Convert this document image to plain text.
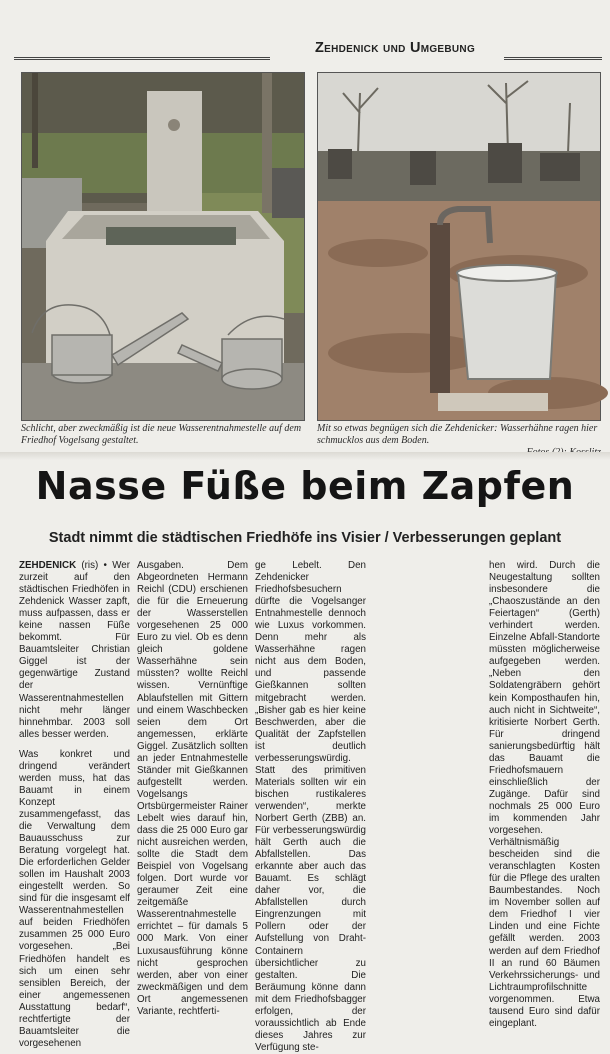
Zehdenick und Umgebung
Schlicht, aber zweckmäßig ist die neue Wasserentnahmestelle auf dem Friedhof Vogelsang gestaltet.
Mit so etwas begnügen sich die Zehdenicker: Wasserhähne ragen hier schmucklos aus dem Boden.
Nasse Füße beim Zapfen
Stadt nimmt die städtischen Friedhöfe ins Visier / Verbesserungen geplant

ZEHDENICK (ris) • Wer zurzeit auf den städtischen Friedhöfen in Zehdenick Wasser zapft, muss aufpassen, dass er keine nassen Füße bekommt. Für Bauamtsleiter Christian Giggel ist der gegenwärtige Zustand der Wasserentnahmestellen nicht mehr länger hinnehmbar. 2003 soll alles besser werden.

Was konkret und dringend verändert werden muss, hat das Bauamt in einem Konzept zusammengefasst, das die Verwaltung dem Bauausschuss zur Beratung vorgelegt hat. Die erforderlichen Gelder sollen im Haushalt 2003 eingestellt werden. So sind für die insgesamt elf Wasserentnahmestellen auf beiden Friedhöfen zusammen 25 000 Euro vorgesehen. „Bei Friedhöfen handelt es sich um einen sehr sensiblen Bereich, der einer angemessenen Ausstattung bedarf“, rechtfertigte der Bauamtsleiter die vorgesehenen

Ausgaben. Dem Abgeordneten Hermann Reichl (CDU) erschienen die für die Erneuerung der Wasserstellen vorgesehenen 25 000 Euro zu viel. Ob es denn gleich goldene Wasserhähne sein müssten? wollte Reichl wissen. Vernünftige Ablaufstellen mit Gittern und einem Waschbecken seien dem Ort angemessen, erklärte Giggel. Zusätzlich sollten an jeder Entnahmestelle Ständer mit Gießkannen aufgestellt werden. Vogelsangs Ortsbürgermeister Rainer Lebelt wies darauf hin, dass die 25 000 Euro gar nicht ausreichen werden, sollte die Stadt dem Beispiel von Vogelsang folgen. Dort wurde vor geraumer Zeit eine zeitgemäße Wasserentnahmestelle errichtet – für damals 5 000 Mark. Von einer Luxusausführung könne nicht gesprochen werden, aber von einer zweckmäßigen und dem Ort angemessenen Variante, rechtferti-

ge Lebelt. Den Zehdenicker Friedhofsbesuchern dürfte die Vogelsanger Entnahmestelle dennoch wie Luxus vorkommen. Denn mehr als Wasserhähne ragen nicht aus dem Boden, und passende Gießkannen sollten mitgebracht werden. „Bisher gab es hier keine Beschwerden, aber die Qualität der Zapfstellen ist deutlich verbesserungswürdig. Statt des primitiven Materials sollten wir ein bischen rustikaleres verwenden“, merkte Norbert Gerth (ZBB) an. Für verbesserungswürdig hält Gerth auch die Abfallstellen. Das erkannte aber auch das Bauamt. Es schlägt daher vor, die Abfallstellen durch Eingrenzungen mit Pollern oder der Aufstellung von Draht-Containern übersichtlicher zu gestalten. Die Beräumung könne dann mit dem Friedhofsbagger erfolgen, der voraussichtlich ab Ende dieses Jahres zur Verfügung ste-

hen wird. Durch die Neugestaltung sollten insbesondere die „Chaoszustände an den Feiertagen“ (Gerth) verhindert werden. Einzelne Abfall-Standorte müssten möglicherweise aufgegeben werden. „Neben den Soldatengräbern gehört kein Komposthaufen hin, auch nicht in Sichtweite“, kritisierte Norbert Gerth. Für dringend sanierungsbedürftig hält das Bauamt die Friedhofsmauern einschließlich der Zugänge. Dafür sind nochmals 25 000 Euro im kommenden Jahr vorgesehen. Verhältnismäßig bescheiden sind die veranschlagten Kosten für die Pflege des uralten Baumbestandes. Noch im November sollen auf dem Friedhof I vier Linden und eine Fichte gefällt werden. 2003 werden auf dem Friedhof II an rund 60 Bäumen Verkehrssicherungs- und Lichtraumprofilschnitte vorgenommen. Etwa tausend Euro sind dafür eingeplant.
